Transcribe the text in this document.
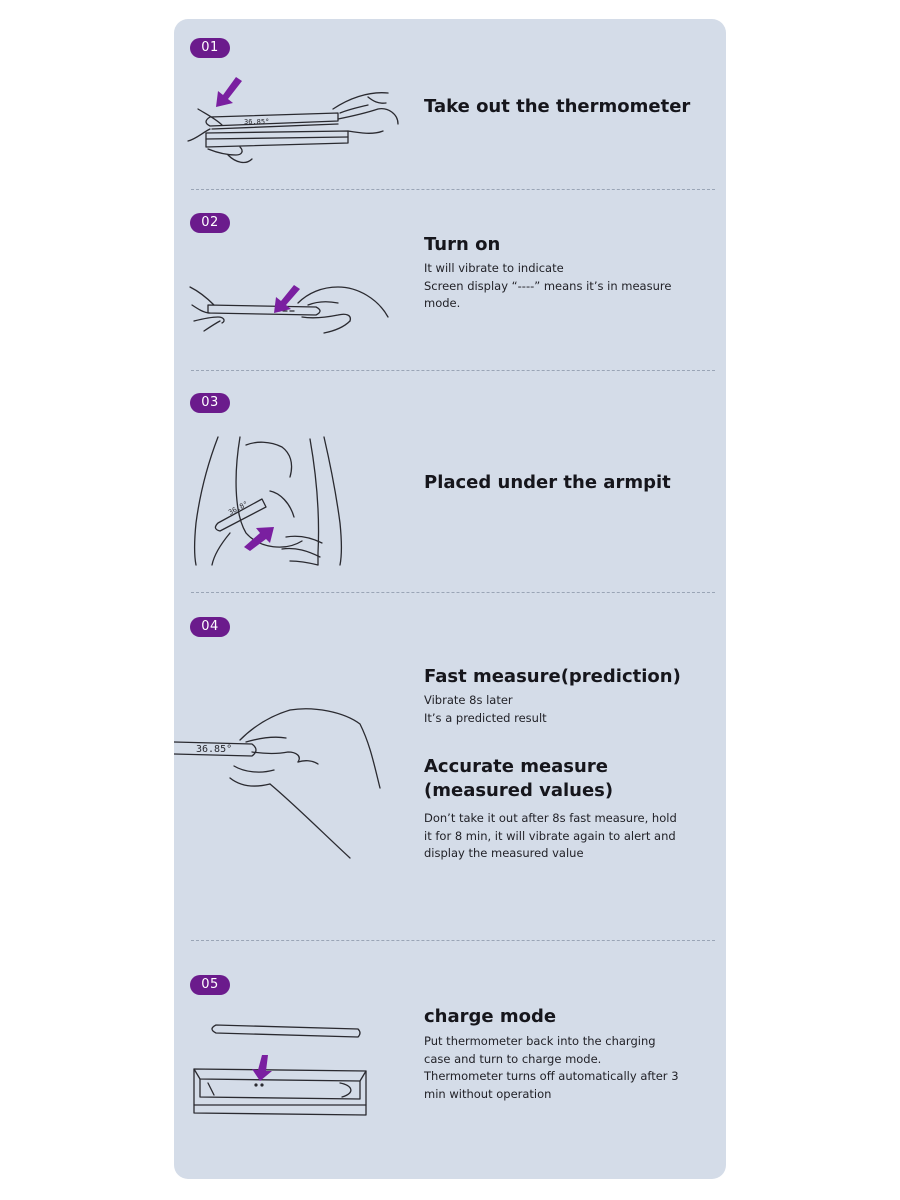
01
36.85°
Take out the thermometer
02
Turn on
It will vibrate to indicate
Screen display “----” means it’s in measure
mode.
03
36.8°
Placed under the armpit
04
36.85°
Fast measure(prediction)
Vibrate 8s later
It’s a predicted result
Accurate measure
(measured values)
Don’t take it out after 8s fast measure, hold
it for 8 min, it will vibrate again to alert and
display the measured value
05
charge mode
Put thermometer back into the charging
case and turn to charge mode.
Thermometer turns off automatically after 3
min without operation
